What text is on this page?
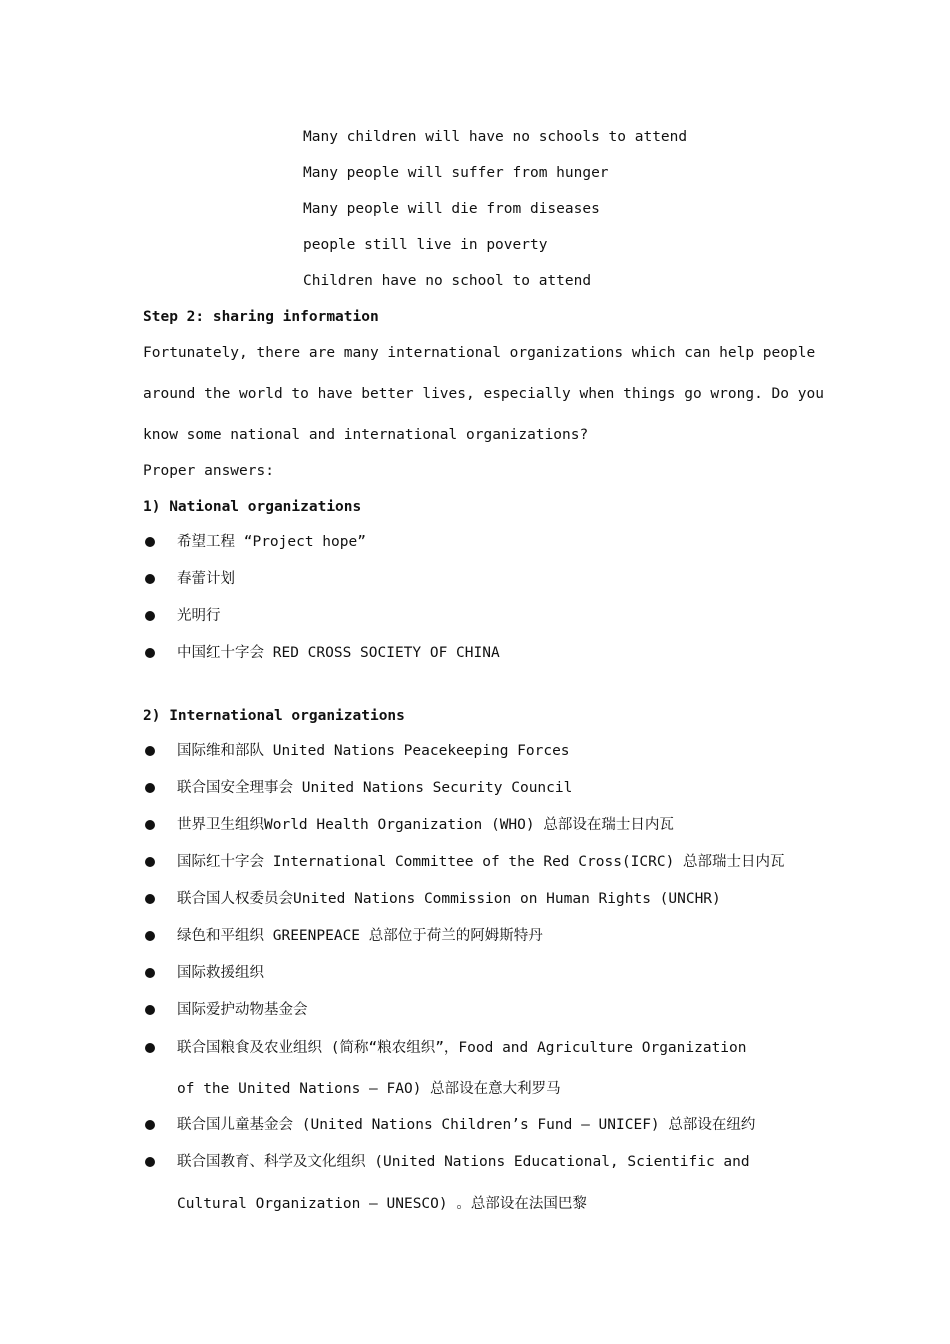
Many children will have no schools to attend
Many people will suffer from hunger
Many people will die from diseases
people still live in poverty
Children have no school to attend
Step 2: sharing information
Fortunately, there are many international organizations which can help people
around the world to have better lives, especially when things go wrong. Do you
know some national and international organizations?
Proper answers:
1) National organizations
希望工程 “Project hope”
春蕾计划
光明行
中国红十字会 RED CROSS SOCIETY OF CHINA
2) International organizations
国际维和部队 United Nations Peacekeeping Forces
联合国安全理事会 United Nations Security Council
世界卫生组织World Health Organization (WHO) 总部设在瑞士日内瓦
国际红十字会 International Committee of the Red Cross(ICRC) 总部瑞士日内瓦
联合国人权委员会United Nations Commission on Human Rights (UNCHR)
绿色和平组织 GREENPEACE 总部位于荷兰的阿姆斯特丹
国际救援组织
国际爱护动物基金会
联合国粮食及农业组织 (简称“粮农组织”，Food and Agriculture Organization
of the United Nations – FAO) 总部设在意大利罗马
联合国儿童基金会 (United Nations Children’s Fund – UNICEF) 总部设在纽约
联合国教育、科学及文化组织 (United Nations Educational, Scientific and
Cultural Organization – UNESCO) 。总部设在法国巴黎
